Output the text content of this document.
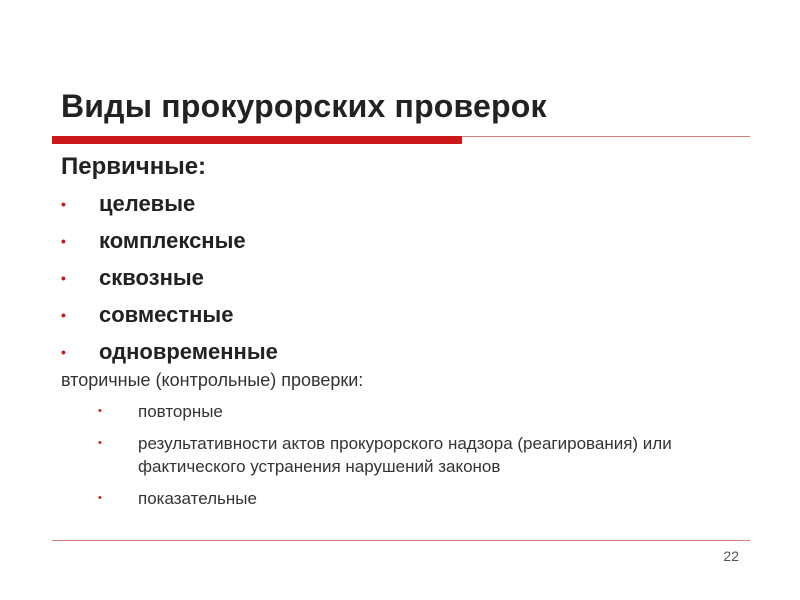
Виды прокурорских проверок
Первичные:
• целевые
• комплексные
• сквозные
• совместные
• одновременные
вторичные (контрольные) проверки:
• повторные
• результативности актов прокурорского надзора (реагирования) или фактического устранения нарушений законов
• показательные
22
